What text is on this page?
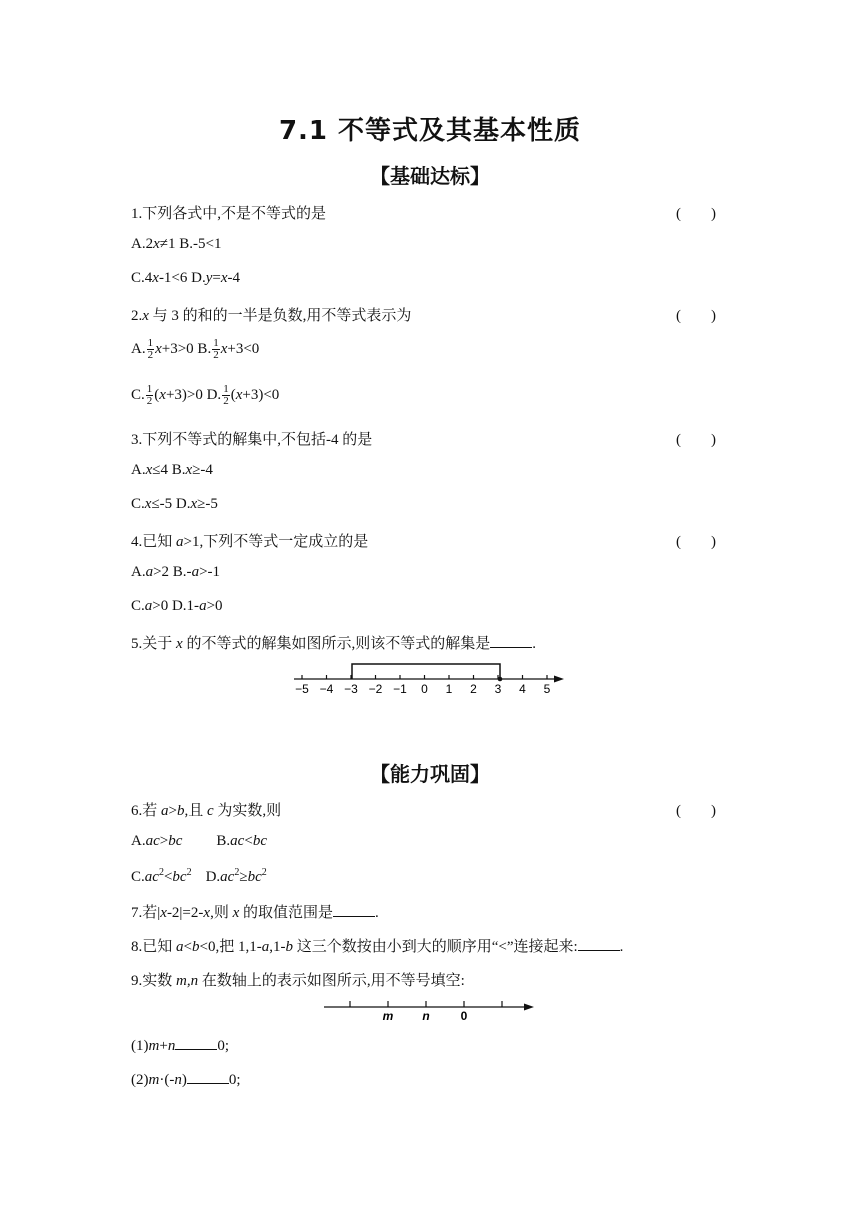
7.1 不等式及其基本性质
【基础达标】
1.下列各式中,不是不等式的是	(　　)
A.2x≠1 B.-5<1
C.4x-1<6 D.y=x-4
2.x 与 3 的和的一半是负数,用不等式表示为	(　　)
A. $\frac{1}{2} x+3>0$ B. $\frac{1}{2} x+3<0$
C. $\frac{1}{2} (x+3)>0$ D. $\frac{1}{2} (x+3)<0$
3.下列不等式的解集中,不包括-4 的是	(　　)
A.x≤4 B.x≥-4
C.x≤-5 D.x≥-5
4.已知 a>1,下列不等式一定成立的是	(　　)
A.a>2 B.-a>-1
C.a>0 D.1-a>0
5.关于 x 的不等式的解集如图所示,则该不等式的解集是	.
−5 −4 −3 −2 −1 0 1 2 3 4 5
【能力巩固】
6.若 a>b,且 c 为实数,则	(　　)
A.ac>bc B.ac<bc
$C.ac^2<bc^2$ $D.ac^2\ge bc^2$
7.若|x-2|=2-x,则 x 的取值范围是	.
8.已知 a<b<0,把 1,1-a,1-b 这三个数按由小到大的顺序用“<”连接起来:	.
9.实数 m,n 在数轴上的表示如图所示,用不等号填空:
m n	0
(1)m+n	0;
(2)m·(-n)	0;
